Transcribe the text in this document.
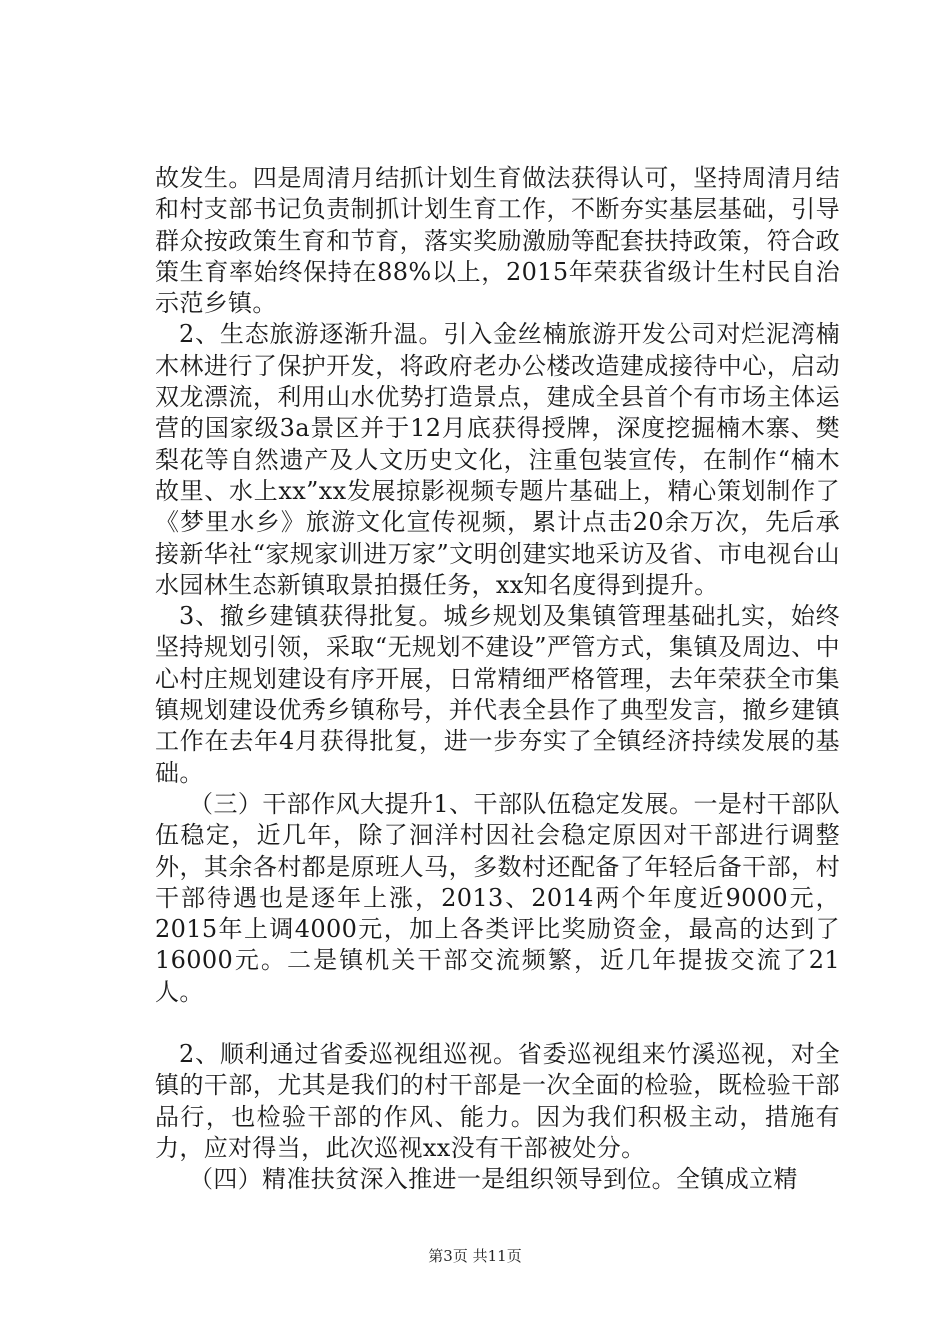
故发生。四是周清月结抓计划生育做法获得认可，坚持周清月结和村支部书记负责制抓计划生育工作，不断夯实基层基础，引导群众按政策生育和节育，落实奖励激励等配套扶持政策，符合政策生育率始终保持在88%以上，2015年荣获省级计生村民自治示范乡镇。

2、生态旅游逐渐升温。引入金丝楠旅游开发公司对烂泥湾楠木林进行了保护开发，将政府老办公楼改造建成接待中心，启动双龙漂流，利用山水优势打造景点，建成全县首个有市场主体运营的国家级3a景区并于12月底获得授牌，深度挖掘楠木寨、樊梨花等自然遗产及人文历史文化，注重包装宣传，在制作“楠木故里、水上xx”xx发展掠影视频专题片基础上，精心策划制作了《梦里水乡》旅游文化宣传视频，累计点击20余万次，先后承接新华社“家规家训进万家”文明创建实地采访及省、市电视台山水园林生态新镇取景拍摄任务，xx知名度得到提升。

3、撤乡建镇获得批复。城乡规划及集镇管理基础扎实，始终坚持规划引领，采取“无规划不建设”严管方式，集镇及周边、中心村庄规划建设有序开展，日常精细严格管理，去年荣获全市集镇规划建设优秀乡镇称号，并代表全县作了典型发言，撤乡建镇工作在去年4月获得批复，进一步夯实了全镇经济持续发展的基础。

（三）干部作风大提升1、干部队伍稳定发展。一是村干部队伍稳定，近几年，除了洄洋村因社会稳定原因对干部进行调整外，其余各村都是原班人马，多数村还配备了年轻后备干部，村干部待遇也是逐年上涨，2013、2014两个年度近9000元，2015年上调4000元，加上各类评比奖励资金，最高的达到了16000元。二是镇机关干部交流频繁，近几年提拔交流了21人。

2、顺利通过省委巡视组巡视。省委巡视组来竹溪巡视，对全镇的干部，尤其是我们的村干部是一次全面的检验，既检验干部品行，也检验干部的作风、能力。因为我们积极主动，措施有力，应对得当，此次巡视xx没有干部被处分。

（四）精准扶贫深入推进一是组织领导到位。全镇成立精

第3页 共11页
